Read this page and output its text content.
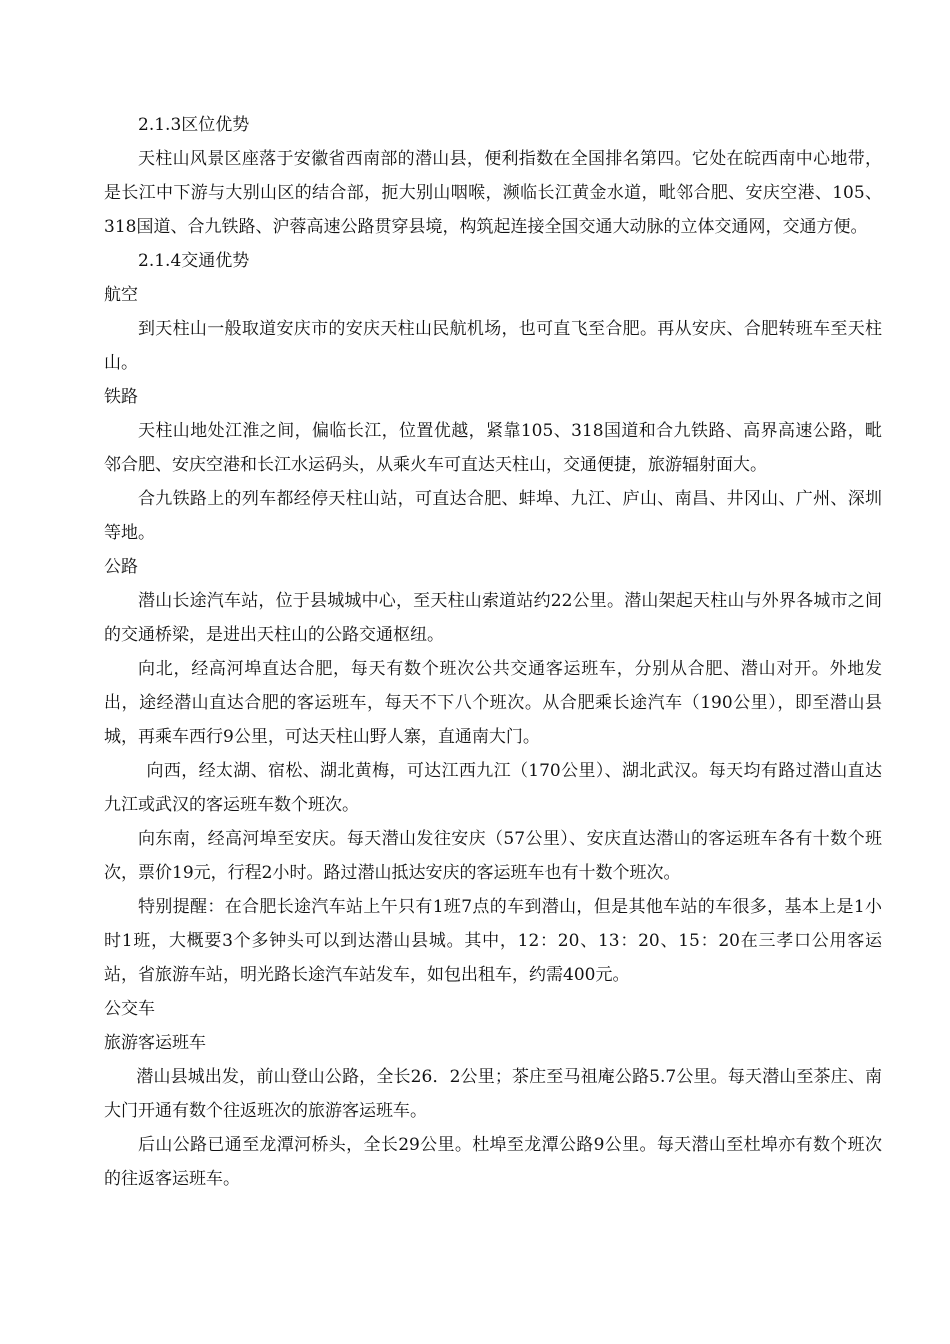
2.1.3区位优势

天柱山风景区座落于安徽省西南部的潜山县，便利指数在全国排名第四。它处在皖西南中心地带，是长江中下游与大别山区的结合部，扼大别山咽喉，濒临长江黄金水道，毗邻合肥、安庆空港、105、318国道、合九铁路、沪蓉高速公路贯穿县境，构筑起连接全国交通大动脉的立体交通网，交通方便。

2.1.4交通优势

航空

到天柱山一般取道安庆市的安庆天柱山民航机场，也可直飞至合肥。再从安庆、合肥转班车至天柱山。

铁路

天柱山地处江淮之间，偏临长江，位置优越，紧靠105、318国道和合九铁路、高界高速公路，毗邻合肥、安庆空港和长江水运码头，从乘火车可直达天柱山，交通便捷，旅游辐射面大。

合九铁路上的列车都经停天柱山站，可直达合肥、蚌埠、九江、庐山、南昌、井冈山、广州、深圳等地。

公路

潜山长途汽车站，位于县城城中心，至天柱山索道站约22公里。潜山架起天柱山与外界各城市之间的交通桥梁，是进出天柱山的公路交通枢纽。

向北，经高河埠直达合肥，每天有数个班次公共交通客运班车，分别从合肥、潜山对开。外地发出，途经潜山直达合肥的客运班车，每天不下八个班次。从合肥乘长途汽车（190公里），即至潜山县城，再乘车西行9公里，可达天柱山野人寨，直通南大门。

向西，经太湖、宿松、湖北黄梅，可达江西九江（170公里）、湖北武汉。每天均有路过潜山直达九江或武汉的客运班车数个班次。

向东南，经高河埠至安庆。每天潜山发往安庆（57公里）、安庆直达潜山的客运班车各有十数个班次，票价19元，行程2小时。路过潜山抵达安庆的客运班车也有十数个班次。

特别提醒：在合肥长途汽车站上午只有1班7点的车到潜山，但是其他车站的车很多，基本上是1小时1班，大概要3个多钟头可以到达潜山县城。其中，12：20、13：20、15：20在三孝口公用客运站，省旅游车站，明光路长途汽车站发车，如包出租车，约需400元。

公交车

旅游客运班车

潜山县城出发，前山登山公路，全长26．2公里；茶庄至马祖庵公路5.7公里。每天潜山至茶庄、南大门开通有数个往返班次的旅游客运班车。

后山公路已通至龙潭河桥头，全长29公里。杜埠至龙潭公路9公里。每天潜山至杜埠亦有数个班次的往返客运班车。
